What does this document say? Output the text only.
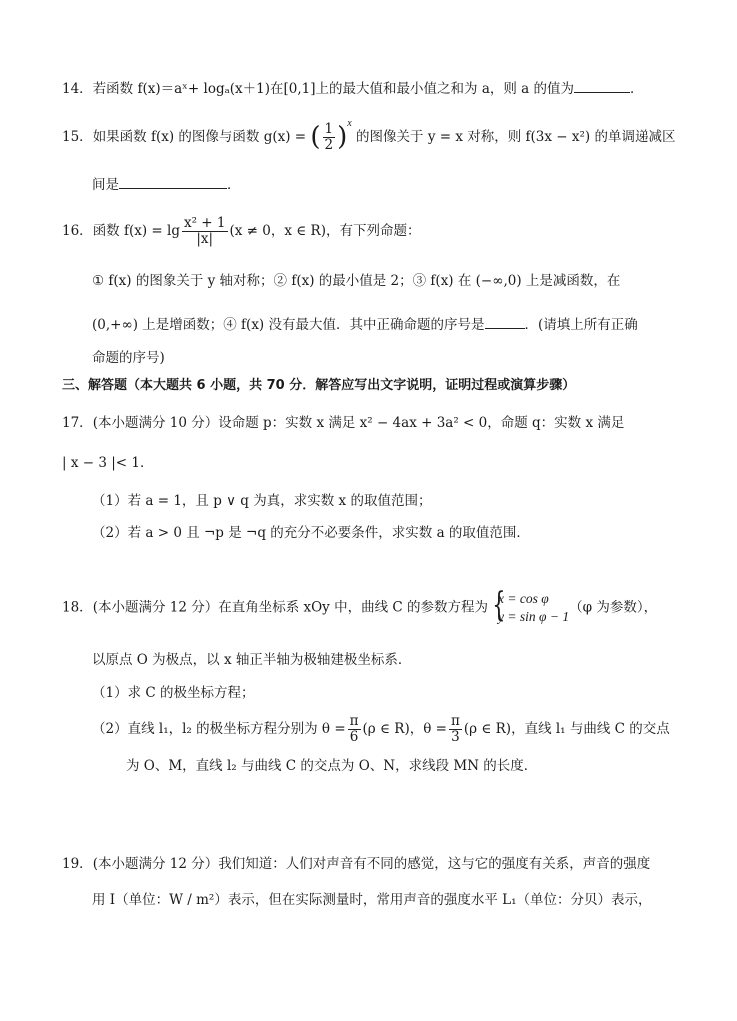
14．若函数 f(x)＝aˣ+ logₐ(x＋1)在[0,1]上的最大值和最小值之和为 a，则 a 的值为	．
15．如果函数 f(x) 的图像与函数 g(x) = ( $\frac{1}{2} )^x$ 的图像关于 y = x 对称，则 f(3x − x²) 的单调递减区
间是	．
16．函数 $f(x) = \lg \frac{\text{x² + 1}}{|x|} (x \ne 0$，x ∈ R)，有下列命题：
① f(x) 的图象关于 y 轴对称；② f(x) 的最小值是 2；③ f(x) 在 (−∞,0) 上是减函数，在
(0,+∞) 上是增函数；④ f(x) 没有最大值．其中正确命题的序号是	．(请填上所有正确
命题的序号)
三、解答题（本大题共 6 小题，共 70 分．解答应写出文字说明，证明过程或演算步骤）
17．(本小题满分 10 分）设命题 p：实数 x 满足 x² − 4ax + 3a² < 0，命题 q：实数 x 满足
| x − 3 |< 1．
（1）若 a = 1，且 p ∨ q 为真，求实数 x 的取值范围；
（2）若 a > 0 且 ¬p 是 ¬q 的充分不必要条件，求实数 a 的取值范围．
18．(本小题满分 12 分）在直角坐标系 xOy 中，曲线 C 的参数方程为 {
x = cos φ
y = sin φ − 1
（φ 为参数），
以原点 O 为极点，以 x 轴正半轴为极轴建极坐标系．
（1）求 C 的极坐标方程；
（2）直线 l₁，l₂ 的极坐标方程分别为 $\theta = \frac{\pi}{6} (\rho$ ∈ R)，$\theta = \frac{\pi}{3} (\rho$ ∈ R)，直线 l₁ 与曲线 C 的交点
为 O、M，直线 l₂ 与曲线 C 的交点为 O、N，求线段 MN 的长度．
19．(本小题满分 12 分）我们知道：人们对声音有不同的感觉，这与它的强度有关系，声音的强度
用 I（单位：W / m²）表示，但在实际测量时，常用声音的强度水平 L₁（单位：分贝）表示，
